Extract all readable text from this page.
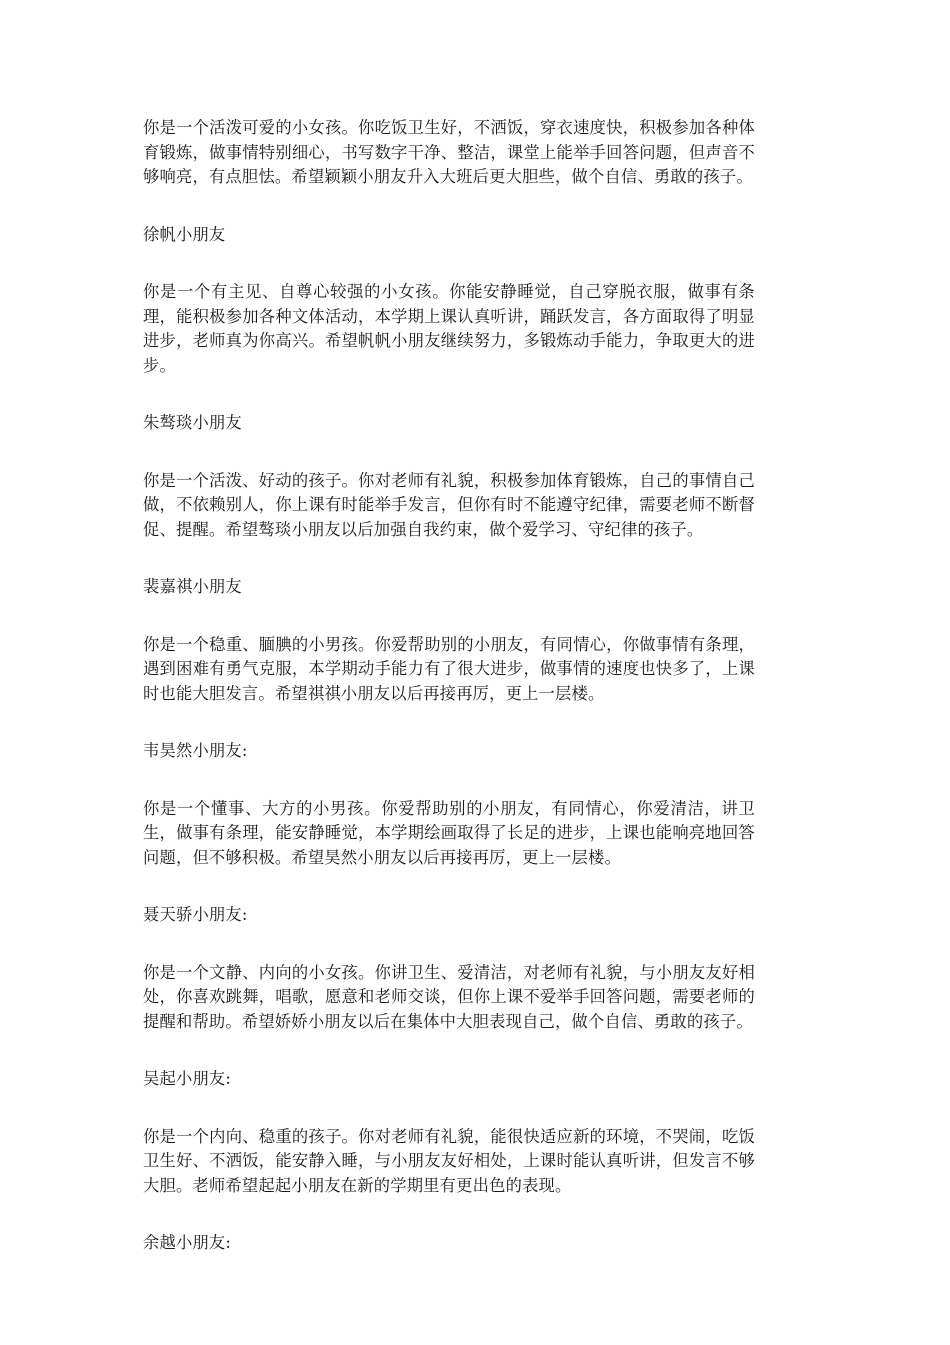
你是一个活泼可爱的小女孩。你吃饭卫生好，不洒饭，穿衣速度快，积极参加各种体育锻炼，做事情特别细心，书写数字干净、整洁，课堂上能举手回答问题，但声音不够响亮，有点胆怯。希望颖颖小朋友升入大班后更大胆些，做个自信、勇敢的孩子。

徐帆小朋友

你是一个有主见、自尊心较强的小女孩。你能安静睡觉，自己穿脱衣服，做事有条理，能积极参加各种文体活动，本学期上课认真听讲，踊跃发言，各方面取得了明显进步，老师真为你高兴。希望帆帆小朋友继续努力，多锻炼动手能力，争取更大的进步。

朱骜琰小朋友

你是一个活泼、好动的孩子。你对老师有礼貌，积极参加体育锻炼，自己的事情自己做，不依赖别人，你上课有时能举手发言，但你有时不能遵守纪律，需要老师不断督促、提醒。希望骜琰小朋友以后加强自我约束，做个爱学习、守纪律的孩子。

裴嘉祺小朋友

你是一个稳重、腼腆的小男孩。你爱帮助别的小朋友，有同情心，你做事情有条理，遇到困难有勇气克服，本学期动手能力有了很大进步，做事情的速度也快多了，上课时也能大胆发言。希望祺祺小朋友以后再接再厉，更上一层楼。

韦昊然小朋友:

你是一个懂事、大方的小男孩。你爱帮助别的小朋友，有同情心，你爱清洁，讲卫生，做事有条理，能安静睡觉，本学期绘画取得了长足的进步，上课也能响亮地回答问题，但不够积极。希望昊然小朋友以后再接再厉，更上一层楼。

聂天骄小朋友:

你是一个文静、内向的小女孩。你讲卫生、爱清洁，对老师有礼貌，与小朋友友好相处，你喜欢跳舞，唱歌，愿意和老师交谈，但你上课不爱举手回答问题，需要老师的提醒和帮助。希望娇娇小朋友以后在集体中大胆表现自己，做个自信、勇敢的孩子。

吴起小朋友:

你是一个内向、稳重的孩子。你对老师有礼貌，能很快适应新的环境，不哭闹，吃饭卫生好、不洒饭，能安静入睡，与小朋友友好相处，上课时能认真听讲，但发言不够大胆。老师希望起起小朋友在新的学期里有更出色的表现。

余越小朋友:
